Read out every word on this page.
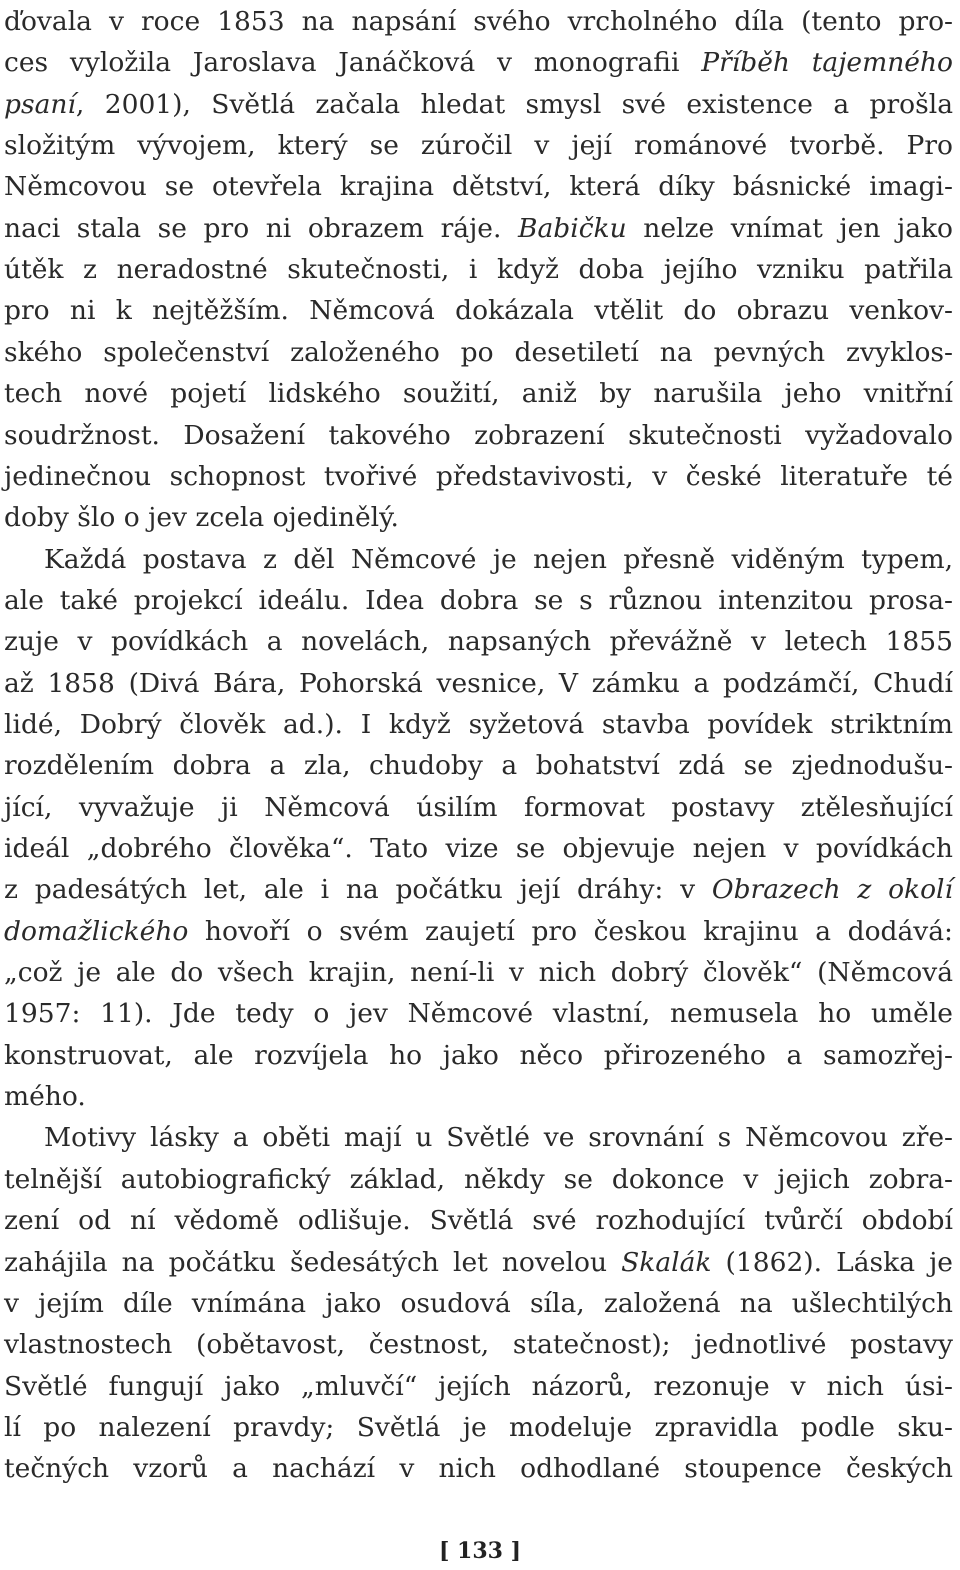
ďovala v roce 1853 na napsání svého vrcholného díla (tento pro-
ces vyložila Jaroslava Janáčková v monografii Příběh tajemného
psaní, 2001), Světlá začala hledat smysl své existence a prošla
složitým vývojem, který se zúročil v její románové tvorbě. Pro
Němcovou se otevřela krajina dětství, která díky básnické imagi-
naci stala se pro ni obrazem ráje. Babičku nelze vnímat jen jako
útěk z neradostné skutečnosti, i když doba jejího vzniku patřila
pro ni k nejtěžším. Němcová dokázala vtělit do obrazu venkov-
ského společenství založeného po desetiletí na pevných zvyklos-
tech nové pojetí lidského soužití, aniž by narušila jeho vnitřní
soudržnost. Dosažení takového zobrazení skutečnosti vyžadovalo
jedinečnou schopnost tvořivé představivosti, v české literatuře té
doby šlo o jev zcela ojedinělý.
Každá postava z děl Němcové je nejen přesně viděným typem,
ale také projekcí ideálu. Idea dobra se s různou intenzitou prosa-
zuje v povídkách a novelách, napsaných převážně v letech 1855
až 1858 (Divá Bára, Pohorská vesnice, V zámku a podzámčí, Chudí
lidé, Dobrý člověk ad.). I když syžetová stavba povídek striktním
rozdělením dobra a zla, chudoby a bohatství zdá se zjednodušu-
jící, vyvažuje ji Němcová úsilím formovat postavy ztělesňující
ideál „dobrého člověka“. Tato vize se objevuje nejen v povídkách
z padesátých let, ale i na počátku její dráhy: v Obrazech z okolí
domažlického hovoří o svém zaujetí pro českou krajinu a dodává:
„což je ale do všech krajin, není-li v nich dobrý člověk“ (Němcová
1957: 11). Jde tedy o jev Němcové vlastní, nemusela ho uměle
konstruovat, ale rozvíjela ho jako něco přirozeného a samozřej-
mého.
Motivy lásky a oběti mají u Světlé ve srovnání s Němcovou zře-
telnější autobiografický základ, někdy se dokonce v jejich zobra-
zení od ní vědomě odlišuje. Světlá své rozhodující tvůrčí období
zahájila na počátku šedesátých let novelou Skalák (1862). Láska je
v jejím díle vnímána jako osudová síla, založená na ušlechtilých
vlastnostech (obětavost, čestnost, statečnost); jednotlivé postavy
Světlé fungují jako „mluvčí“ jejích názorů, rezonuje v nich úsi-
lí po nalezení pravdy; Světlá je modeluje zpravidla podle sku-
tečných vzorů a nachází v nich odhodlané stoupence českých
[ 133 ]
